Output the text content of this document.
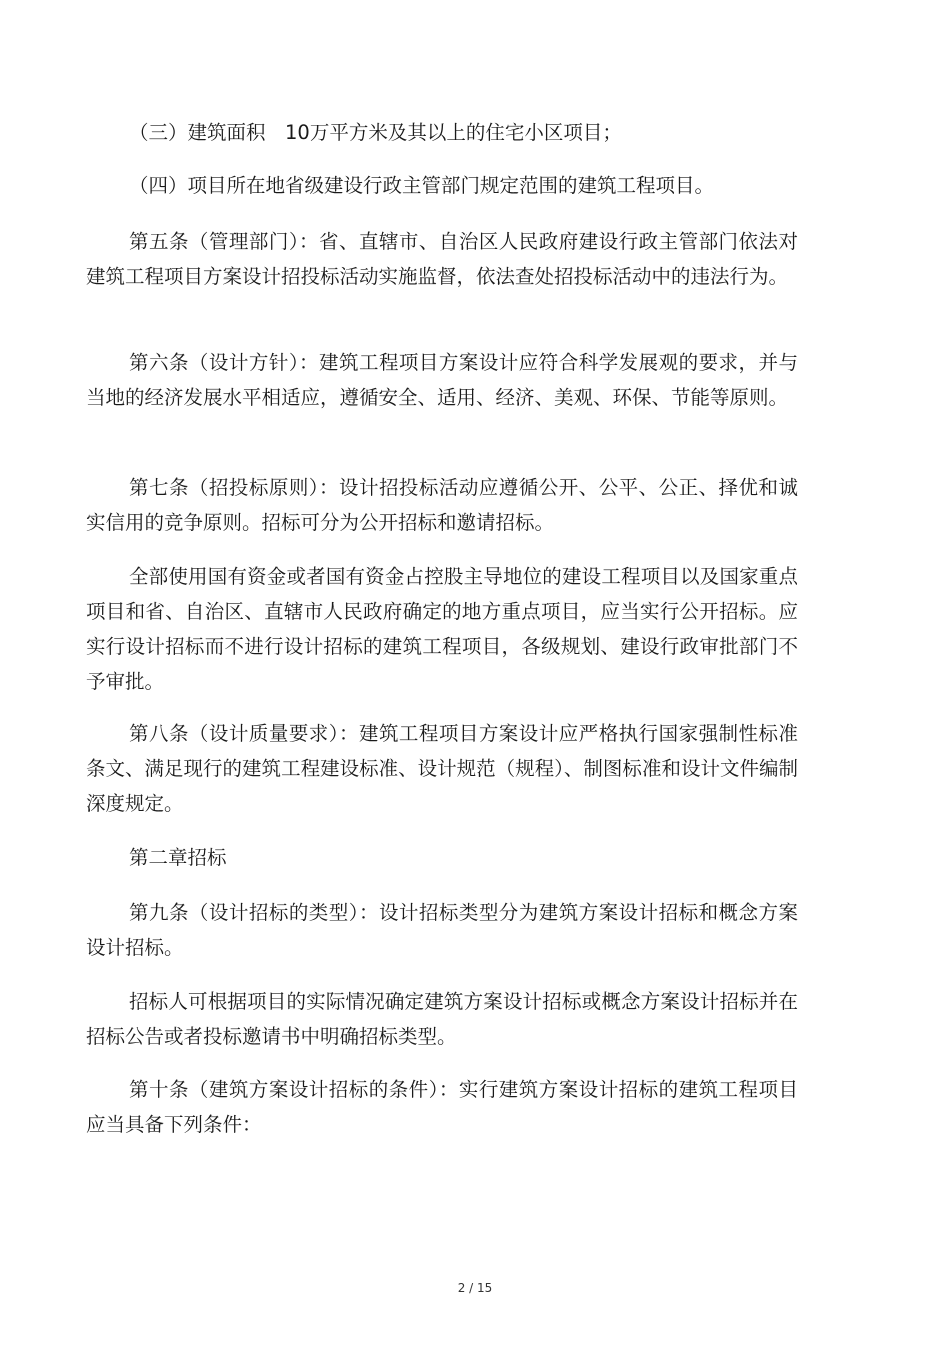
（三）建筑面积　10万平方米及其以上的住宅小区项目；

（四）项目所在地省级建设行政主管部门规定范围的建筑工程项目。

第五条（管理部门）：省、直辖市、自治区人民政府建设行政主管部门依法对建筑工程项目方案设计招投标活动实施监督，依法查处招投标活动中的违法行为。

第六条（设计方针）：建筑工程项目方案设计应符合科学发展观的要求，并与当地的经济发展水平相适应，遵循安全、适用、经济、美观、环保、节能等原则。

第七条（招投标原则）：设计招投标活动应遵循公开、公平、公正、择优和诚实信用的竞争原则。招标可分为公开招标和邀请招标。

全部使用国有资金或者国有资金占控股主导地位的建设工程项目以及国家重点项目和省、自治区、直辖市人民政府确定的地方重点项目，应当实行公开招标。应实行设计招标而不进行设计招标的建筑工程项目，各级规划、建设行政审批部门不予审批。

第八条（设计质量要求）：建筑工程项目方案设计应严格执行国家强制性标准条文、满足现行的建筑工程建设标准、设计规范（规程）、制图标准和设计文件编制深度规定。

第二章招标

第九条（设计招标的类型）：设计招标类型分为建筑方案设计招标和概念方案设计招标。

招标人可根据项目的实际情况确定建筑方案设计招标或概念方案设计招标并在招标公告或者投标邀请书中明确招标类型。

第十条（建筑方案设计招标的条件）：实行建筑方案设计招标的建筑工程项目应当具备下列条件：

2 / 15
